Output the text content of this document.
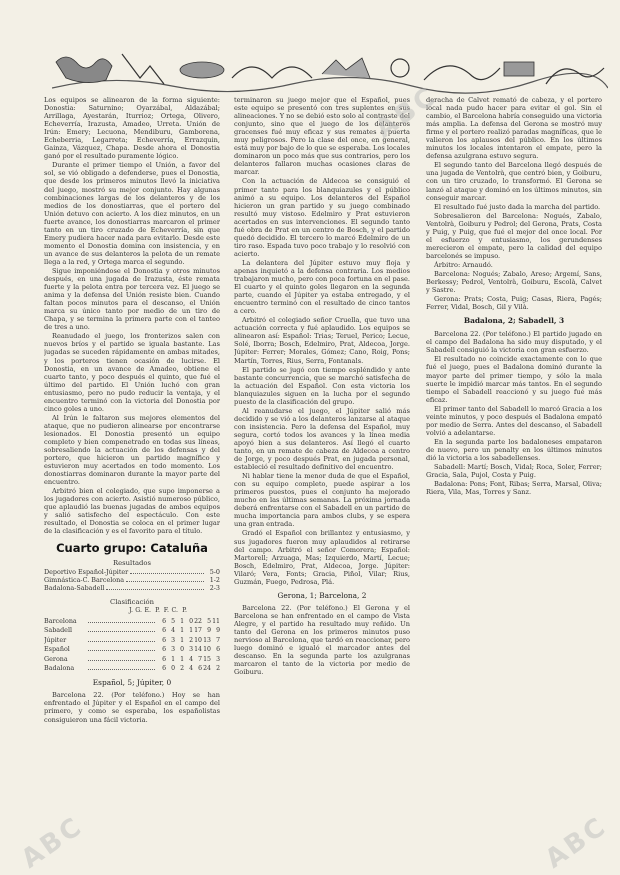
Los equipos se alinearon de la forma siguiente: Donostia: Saturnino; Oyarzábal, Aldazábal; Arrillaga, Ayestarán, Iturrioz; Ortega, Olivero, Echeverría, Irazusta, Amadeo, Urreta. Unión de Irún: Emery; Lecuona, Mendiburu, Gamborena, Echeberria, Legarreta; Echeverría, Errazquin, Gainza, Vázquez, Chapa. Desde ahora el Donostia ganó por el resultado puramente lógico.

Durante el primer tiempo el Unión, a favor del sol, se vió obligado a defenderse, pues el Donostia, que desde los primeros minutos llevó la iniciativa del juego, mostró su mejor conjunto. Hay algunas combinaciones largas de los delanteros y de los medios de los donostiarras, que el portero del Unión detuvo con acierto. A los diez minutos, en un fuerte avance, los donostiarras marcaron el primer tanto en un tiro cruzado de Echeverría, sin que Emery pudiera hacer nada para evitarlo. Desde este momento el Donostia domina con insistencia, y en un avance de sus delanteros la pelota de un remate llega a la red, y Ortega marca el segundo.

Sigue imponiéndose el Donostia y otros minutos después, en una jugada de Irazusta, éste remata fuerte y la pelota entra por tercera vez. El juego se anima y la defensa del Unión resiste bien. Cuando faltan pocos minutos para el descanso, el Unión marca su único tanto por medio de un tiro de Chapa, y se termina la primera parte con el tanteo de tres a uno.

Reanudado el juego, los fronterizos salen con nuevos bríos y el partido se iguala bastante. Las jugadas se suceden rápidamente en ambas mitades, y los porteros tienen ocasión de lucirse. El Donostia, en un avance de Amadeo, obtiene el cuarto tanto, y poco después el quinto, que fué el último del partido. El Unión luchó con gran entusiasmo, pero no pudo reducir la ventaja, y el encuentro terminó con la victoria del Donostia por cinco goles a uno.

Al Irún le faltaron sus mejores elementos del ataque, que no pudieron alinearse por encontrarse lesionados. El Donostia presentó un equipo completo y bien compenetrado en todas sus líneas, sobresaliendo la actuación de los defensas y del portero, que hicieron un partido magnífico y estuvieron muy acertados en todo momento. Los donostiarras dominaron durante la mayor parte del encuentro.

Arbitró bien el colegiado, que supo imponerse a los jugadores con acierto. Asistió numeroso público, que aplaudió las buenas jugadas de ambos equipos y salió satisfecho del espectáculo. Con este resultado, el Donostia se coloca en el primer lugar de la clasificación y es el favorito para el título.

Cuarto grupo: Cataluña
Resultados
Deportivo Español-Júpiter	5-0
Gimnástica-C. Barcelona	1-2
Badalona-Sabadell	2-3
Clasificación
J. G. E. P. F. C. P.
Barcelona	6 5 1 0 22 5 11
Sabadell	6 4 1 1 17 9 9
Júpiter	6 3 1 2 10 13 7
Español	6 3 0 3 14 10 6
Gerona	6 1 1 4 7 15 3
Badalona	6 0 2 4 6 24 2
Español, 5; Júpiter, 0

Barcelona 22. (Por teléfono.) Hoy se han enfrentado el Júpiter y el Español en el campo del primero, y como se esperaba, los españolistas consiguieron una fácil victoria.

terminaron su juego mejor que el Español, pues este equipo se presentó con tres suplentes en sus alineaciones. Y no se debió esto solo al contraste del conjunto, sino que el juego de los delanteros gracenses fué muy eficaz y sus remates a puerta muy peligrosos. Pero la clase del once, en general, está muy por bajo de lo que se esperaba. Los locales dominaron un poco más que sus contrarios, pero los delanteros fallaron muchas ocasiones claras de marcar.

Con la actuación de Aldecoa se consiguió el primer tanto para los blanquiazules y el público animó a su equipo. Los delanteros del Español hicieron un gran partido y su juego combinado resultó muy vistoso. Edelmiro y Prat estuvieron acertados en sus intervenciones. El segundo tanto fué obra de Prat en un centro de Bosch, y el partido quedó decidido. El tercero lo marcó Edelmiro de un tiro raso. Espada tuvo poco trabajo y lo resolvió con acierto.

La delantera del Júpiter estuvo muy floja y apenas inquietó a la defensa contraria. Los medios trabajaron mucho, pero con poca fortuna en el pase. El cuarto y el quinto goles llegaron en la segunda parte, cuando el Júpiter ya estaba entregado, y el encuentro terminó con el resultado de cinco tantos a cero.

Arbitró el colegiado señor Cruella, que tuvo una actuación correcta y fué aplaudido. Los equipos se alinearon así: Español: Trias; Teruel, Perico; Lecue, Solé, Iborra; Bosch, Edelmiro, Prat, Aldecoa, Jorge. Júpiter: Ferrer; Morales, Gómez; Cano, Roig, Pons; Martín, Torres, Rius, Serra, Fontanals.

El partido se jugó con tiempo espléndido y ante bastante concurrencia, que se marchó satisfecha de la actuación del Español. Con esta victoria los blanquiazules siguen en la lucha por el segundo puesto de la clasificación del grupo.

Al reanudarse el juego, el Júpiter salió más decidido y se vió a los delanteros lanzarse al ataque con insistencia. Pero la defensa del Español, muy segura, cortó todos los avances y la línea media apoyó bien a sus delanteros. Así llegó el cuarto tanto, en un remate de cabeza de Aldecoa a centro de Jorge, y poco después Prat, en jugada personal, estableció el resultado definitivo del encuentro.

Ni hablar tiene la menor duda de que el Español, con su equipo completo, puede aspirar a los primeros puestos, pues el conjunto ha mejorado mucho en las últimas semanas. La próxima jornada deberá enfrentarse con el Sabadell en un partido de mucha importancia para ambos clubs, y se espera una gran entrada.

Gradó el Español con brillantez y entusiasmo, y sus jugadores fueron muy aplaudidos al retirarse del campo. Arbitró el señor Comorera; Español: Martorell; Arzuaga, Mas; Izquierdo, Martí, Lecue; Bosch, Edelmiro, Prat, Aldecoa, Jorge. Júpiter: Vilaró; Vera, Fonts; Gracia, Piñol, Vilar; Rius, Guzmán, Fuego, Pedrosa, Plá.

Gerona, 1; Barcelona, 2

Barcelona 22. (Por teléfono.) El Gerona y el Barcelona se han enfrentado en el campo de Vista Alegre, y el partido ha resultado muy reñido. Un tanto del Gerona en los primeros minutos puso nervioso al Barcelona, que tardó en reaccionar, pero luego dominó e igualó el marcador antes del descanso. En la segunda parte los azulgranas marcaron el tanto de la victoria por medio de Goiburu.

deracha de Calvet remató de cabeza, y el portero local nada pudo hacer para evitar el gol. Sin el cambio, el Barcelona habría conseguido una victoria más amplia. La defensa del Gerona se mostró muy firme y el portero realizó paradas magníficas, que le valieron los aplausos del público. En los últimos minutos los locales intentaron el empate, pero la defensa azulgrana estuvo segura.

El segundo tanto del Barcelona llegó después de una jugada de Ventolrà, que centró bien, y Goiburu, con un tiro cruzado, lo transformó. El Gerona se lanzó al ataque y dominó en los últimos minutos, sin conseguir marcar.

El resultado fué justo dada la marcha del partido.

Sobresalieron del Barcelona: Nogués, Zabalo, Ventolrà, Goiburu y Pedrol; del Gerona, Prats, Costa y Puig, y Puig, que fué el mejor del once local. Por el esfuerzo y entusiasmo, los gerundenses merecieron el empate, pero la calidad del equipo barcelonés se impuso.

Árbitro: Arnaudó.

Barcelona: Nogués; Zabalo, Areso; Argemí, Sans, Berkessy; Pedrol, Ventolrà, Goiburu, Escolà, Calvet y Sastre.

Gerona: Prats; Costa, Puig; Casas, Riera, Pagés; Ferrer, Vidal, Bosch, Gil y Vilà.

Badalona, 2; Sabadell, 3

Barcelona 22. (Por teléfono.) El partido jugado en el campo del Badalona ha sido muy disputado, y el Sabadell consiguió la victoria con gran esfuerzo.

El resultado no coincide exactamente con lo que fué el juego, pues el Badalona dominó durante la mayor parte del primer tiempo, y sólo la mala suerte le impidió marcar más tantos. En el segundo tiempo el Sabadell reaccionó y su juego fué más eficaz.

El primer tanto del Sabadell lo marcó Gracia a los veinte minutos, y poco después el Badalona empató por medio de Serra. Antes del descanso, el Sabadell volvió a adelantarse.

En la segunda parte los badaloneses empataron de nuevo, pero un penalty en los últimos minutos dió la victoria a los sabadellenses.

Sabadell: Martí; Bosch, Vidal; Roca, Soler, Ferrer; Gracia, Sala, Pujol, Costa y Puig.

Badalona: Pons; Font, Ribas; Serra, Marsal, Oliva; Riera, Vila, Mas, Torres y Sanz.

ABC
ABC	ABC
